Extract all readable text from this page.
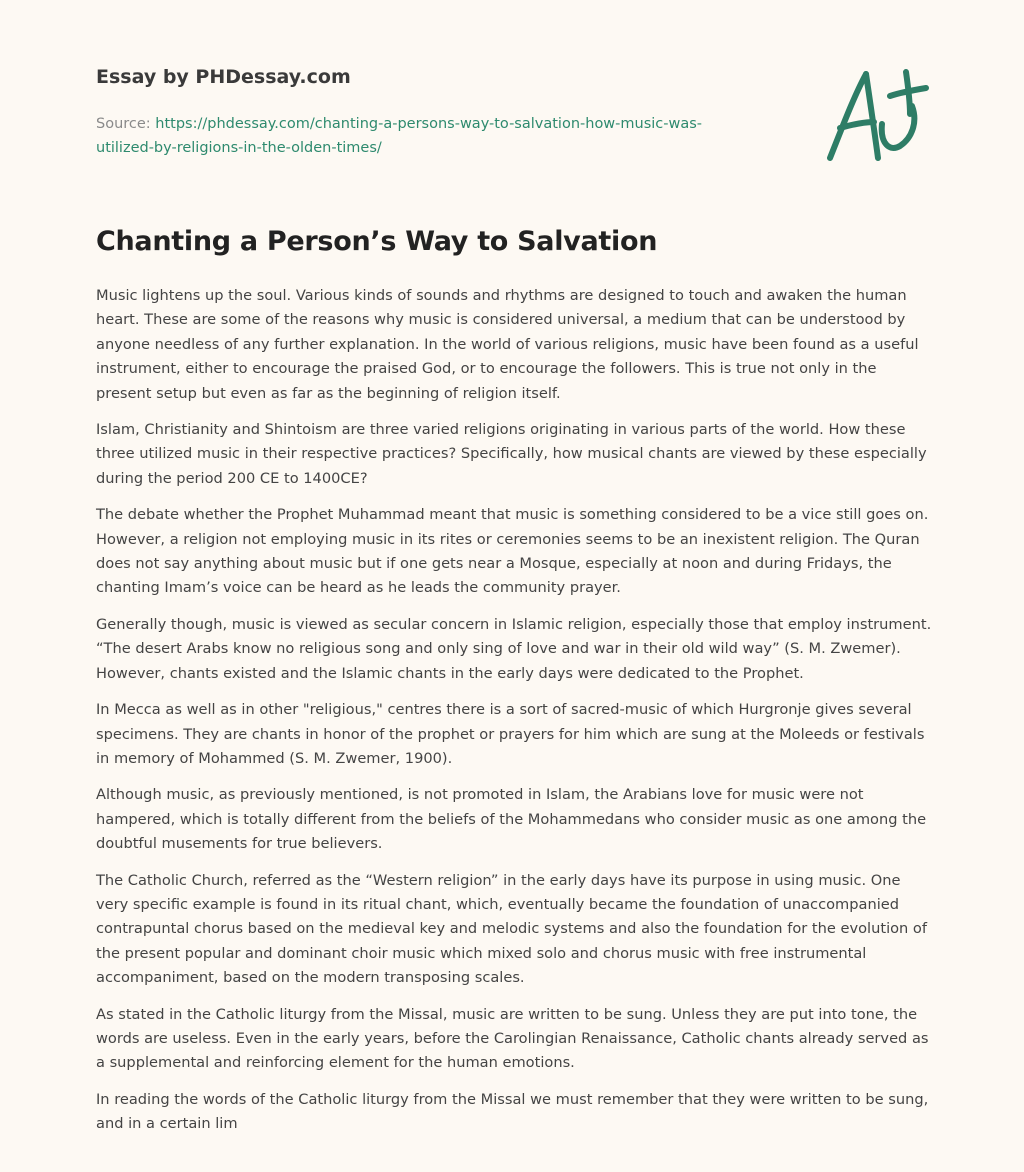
Essay by PHDessay.com
Source: https://phdessay.com/chanting-a-persons-way-to-salvation-how-music-was-
utilized-by-religions-in-the-olden-times/
Chanting a Person’s Way to Salvation

Music lightens up the soul. Various kinds of sounds and rhythms are designed to touch and awaken the human heart. These are some of the reasons why music is considered universal, a medium that can be understood by anyone needless of any further explanation. In the world of various religions, music have been found as a useful instrument, either to encourage the praised God, or to encourage the followers. This is true not only in the present setup but even as far as the beginning of religion itself.

Islam, Christianity and Shintoism are three varied religions originating in various parts of the world. How these three utilized music in their respective practices? Specifically, how musical chants are viewed by these especially during the period 200 CE to 1400CE?

The debate whether the Prophet Muhammad meant that music is something considered to be a vice still goes on. However, a religion not employing music in its rites or ceremonies seems to be an inexistent religion. The Quran does not say anything about music but if one gets near a Mosque, especially at noon and during Fridays, the chanting Imam’s voice can be heard as he leads the community prayer.

Generally though, music is viewed as secular concern in Islamic religion, especially those that employ instrument. “The desert Arabs know no religious song and only sing of love and war in their old wild way” (S. M. Zwemer). However, chants existed and the Islamic chants in the early days were dedicated to the Prophet.

In Mecca as well as in other "religious," centres there is a sort of sacred-music of which Hurgronje gives several specimens. They are chants in honor of the prophet or prayers for him which are sung at the Moleeds or festivals in memory of Mohammed (S. M. Zwemer, 1900).

Although music, as previously mentioned, is not promoted in Islam, the Arabians love for music were not hampered, which is totally different from the beliefs of the Mohammedans who consider music as one among the doubtful musements for true believers.

The Catholic Church, referred as the “Western religion” in the early days have its purpose in using music. One very specific example is found in its ritual chant, which, eventually became the foundation of unaccompanied contrapuntal chorus based on the medieval key and melodic systems and also the foundation for the evolution of the present popular and dominant choir music which mixed solo and chorus music with free instrumental accompaniment, based on the modern transposing scales.

As stated in the Catholic liturgy from the Missal, music are written to be sung. Unless they are put into tone, the words are useless. Even in the early years, before the Carolingian Renaissance, Catholic chants already served as a supplemental and reinforcing element for the human emotions.

In reading the words of the Catholic liturgy from the Missal we must remember that they were written to be sung, and in a certain lim
